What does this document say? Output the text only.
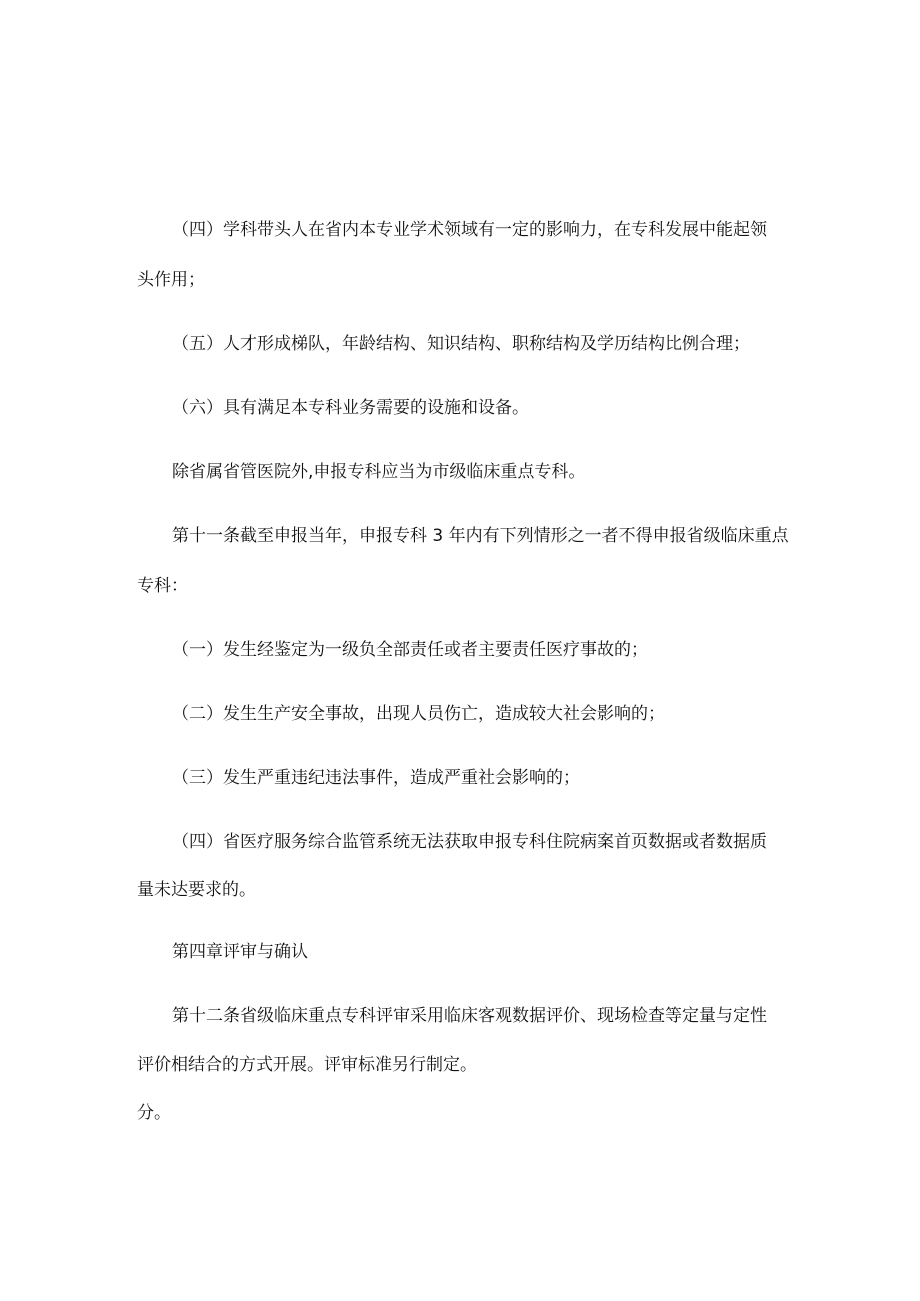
（四）学科带头人在省内本专业学术领域有一定的影响力，在专科发展中能起领
头作用；
（五）人才形成梯队，年龄结构、知识结构、职称结构及学历结构比例合理；
（六）具有满足本专科业务需要的设施和设备。
除省属省管医院外,申报专科应当为市级临床重点专科。
第十一条截至申报当年，申报专科 3 年内有下列情形之一者不得申报省级临床重点
专科：
（一）发生经鉴定为一级负全部责任或者主要责任医疗事故的；
（二）发生生产安全事故，出现人员伤亡，造成较大社会影响的；
（三）发生严重违纪违法事件，造成严重社会影响的；
（四）省医疗服务综合监管系统无法获取申报专科住院病案首页数据或者数据质
量未达要求的。
第四章评审与确认
第十二条省级临床重点专科评审采用临床客观数据评价、现场检查等定量与定性
评价相结合的方式开展。评审标准另行制定。
分。
